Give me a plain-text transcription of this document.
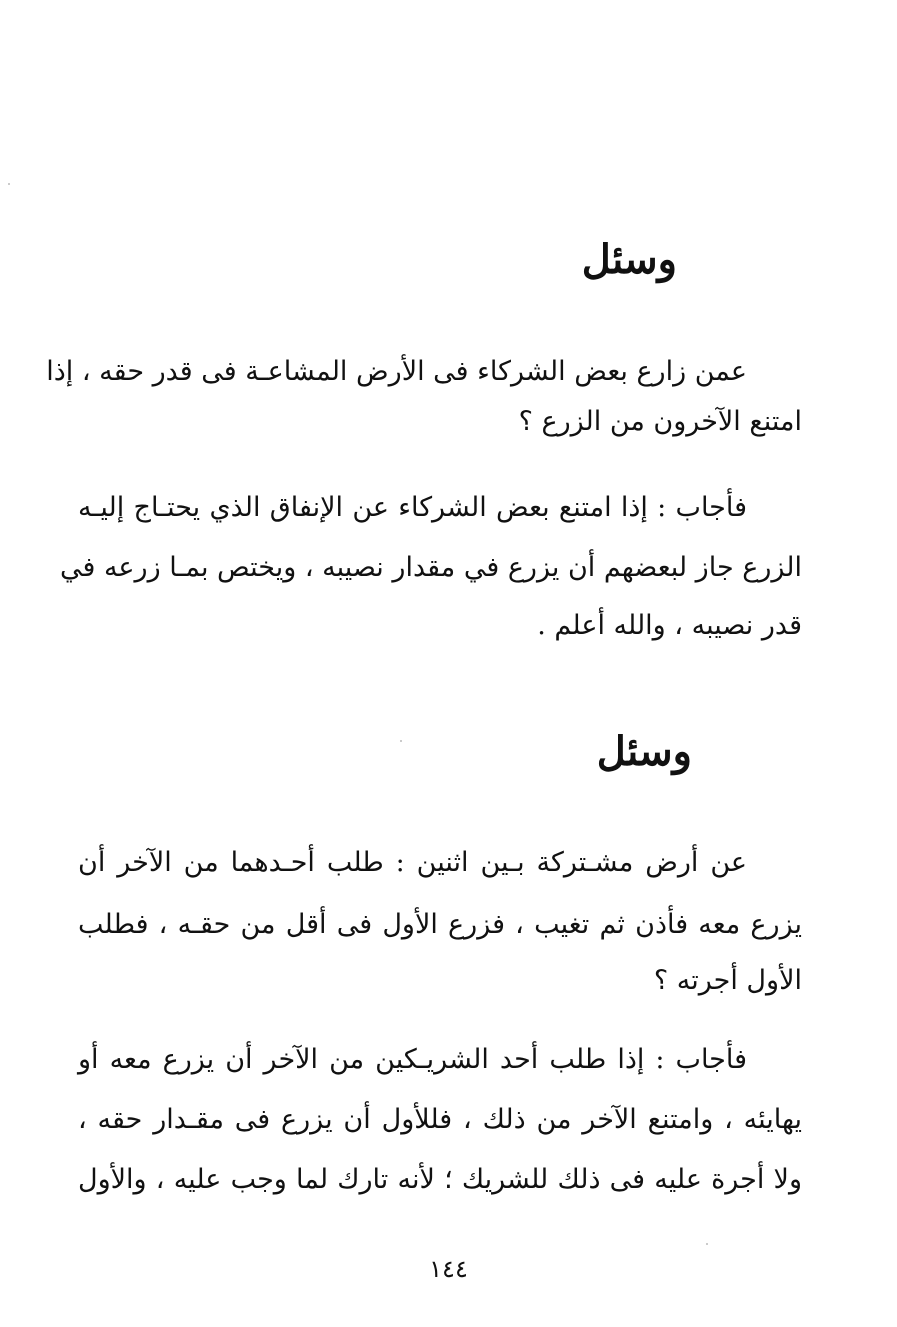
وسئل
عمن زارع بعض الشركاء فى الأرض المشاعـة فى قدر حقه ، إذا
امتنع الآخرون من الزرع ؟
فأجاب : إذا امتنع بعض الشركاء عن الإنفاق الذي يحتـاج إليـه
الزرع جاز لبعضهم أن يزرع في مقدار نصيبه ، ويختص بمـا زرعه في
قدر نصيبه ، والله أعلم .
وسئل
عن أرض مشـتركة بـين اثنين : طلب أحـدهما من الآخر أن
يزرع معه فأذن ثم تغيب ، فزرع الأول فى أقل من حقـه ، فطلب
الأول أجرته ؟
فأجاب : إذا طلب أحد الشريـكين من الآخر أن يزرع معه أو
يهايئه ، وامتنع الآخر من ذلك ، فللأول أن يزرع فى مقـدار حقه ،
ولا أجرة عليه فى ذلك للشريك ؛ لأنه تارك لما وجب عليه ، والأول
١٤٤
